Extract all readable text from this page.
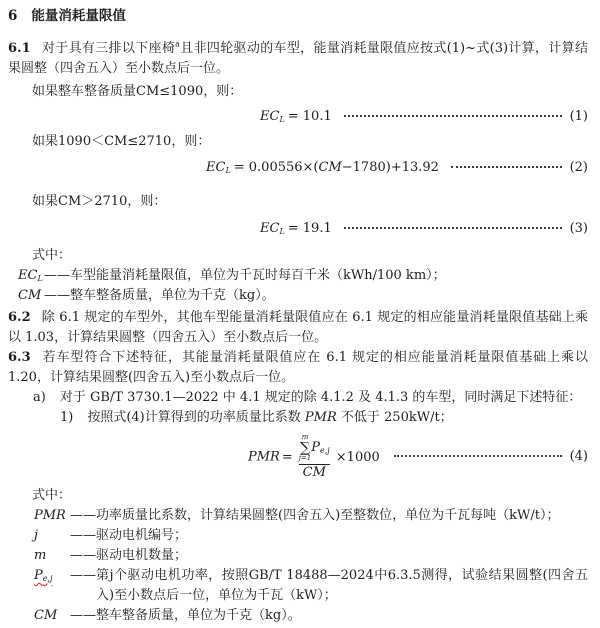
6 能量消耗量限值

6.1 对于具有三排以下座椅$^a$且非四轮驱动的车型，能量消耗量限值应按式(1)~式(3)计算，计算结果圆整（四舍五入）至小数点后一位。

如果整车整备质量CM≤1090，则：

$EC_L = 10.1$	(1)

如果1090＜CM≤2710，则：

$EC_L = 0.00556\times(CM-1780)+13.92$	(2)

如果CM＞2710，则：

$EC_L = 19.1$	(3)

式中：

$EC_L$ —— 车型能量消耗量限值，单位为千瓦时每百千米（kWh/100 km）；
CM —— 整车整备质量，单位为千克（kg）。

6.2 除 6.1 规定的车型外，其他车型能量消耗量限值应在 6.1 规定的相应能量消耗量限值基础上乘以 1.03，计算结果圆整（四舍五入）至小数点后一位。

6.3 若车型符合下述特征，其能量消耗量限值应在 6.1 规定的相应能量消耗量限值基础上乘以 1.20，计算结果圆整(四舍五入)至小数点后一位。

a) 对于 GB/T 3730.1—2022 中 4.1 规定的除 4.1.2 及 4.1.3 的车型，同时满足下述特征：

1) 按照式(4)计算得到的功率质量比系数 PMR 不低于 250kW/t；

PMR = m
∑
j=1
$P_{e,j}$
CM ×1000	(4)

式中：

PMR —— 功率质量比系数，计算结果圆整(四舍五入)至整数位，单位为千瓦每吨（kW/t）；
j	—— 驱动电机编号；
m	—— 驱动电机数量；
$P_{e,j}$	—— 第j个驱动电机功率，按照GB/T 18488—2024中6.3.5测得，试验结果圆整(四舍五入)至小数点后一位，单位为千瓦（kW）；
CM —— 整车整备质量，单位为千克（kg）。
